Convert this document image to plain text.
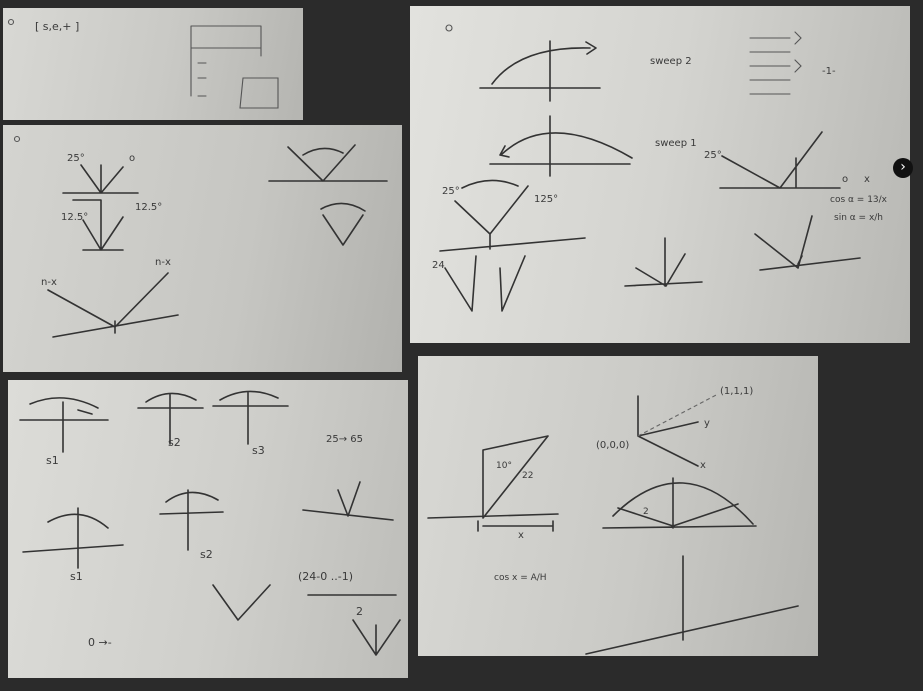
[ s,e,+ ]
25°	o
12.5°
12.5°
n-x
n-x
sweep 2
sweep 1
-1-
25°
125°
24
25°
o x
cos α = 13/x
sin α = x/h
›
s1
s2
s3
25→ 65
s1
s2
(24-0 ..-1)
2
0 →-
10°
22
x
cos x = A/H
(0,0,0)
(1,1,1)
y
x
2
